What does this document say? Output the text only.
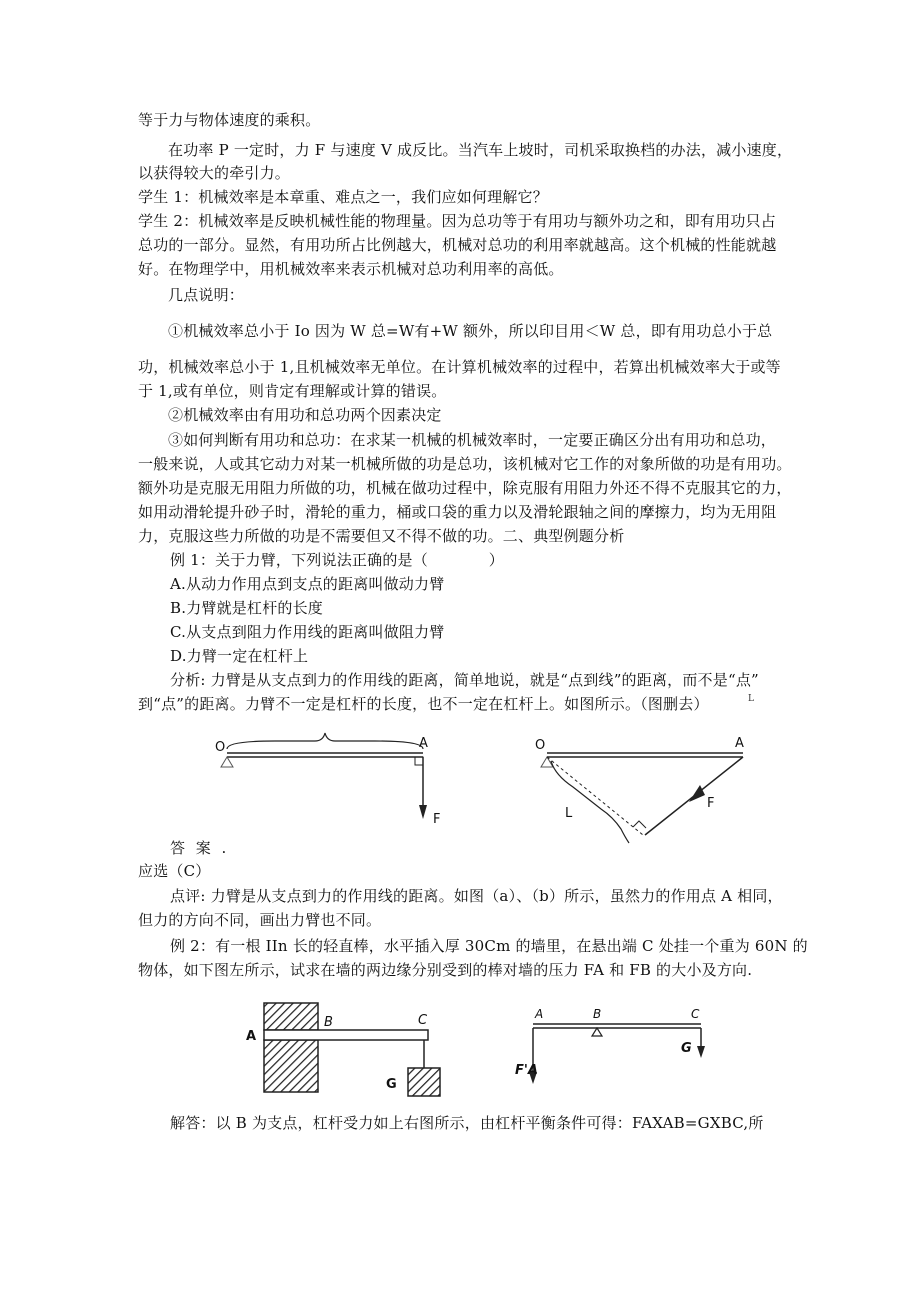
等于力与物体速度的乘积。
在功率 P 一定时，力 F 与速度 V 成反比。当汽车上坡时，司机采取换档的办法，减小速度，
以获得较大的牵引力。
学生 1：机械效率是本章重、难点之一，我们应如何理解它？
学生 2：机械效率是反映机械性能的物理量。因为总功等于有用功与额外功之和，即有用功只占
总功的一部分。显然，有用功所占比例越大，机械对总功的利用率就越高。这个机械的性能就越
好。在物理学中，用机械效率来表示机械对总功利用率的高低。
几点说明：
①机械效率总小于 Io 因为 W 总=W有+W 额外，所以印目用＜W 总，即有用功总小于总
功，机械效率总小于 1,且机械效率无单位。在计算机械效率的过程中，若算出机械效率大于或等
于 1,或有单位，则肯定有理解或计算的错误。
②机械效率由有用功和总功两个因素决定
③如何判断有用功和总功：在求某一机械的机械效率时，一定要正确区分出有用功和总功，
一般来说，人或其它动力对某一机械所做的功是总功，该机械对它工作的对象所做的功是有用功。
额外功是克服无用阻力所做的功，机械在做功过程中，除克服有用阻力外还不得不克服其它的力，
如用动滑轮提升砂子时，滑轮的重力，桶或口袋的重力以及滑轮跟轴之间的摩擦力，均为无用阻
力，克服这些力所做的功是不需要但又不得不做的功。二、典型例题分析
例 1：关于力臂，下列说法正确的是（　　　　）
A.从动力作用点到支点的距离叫做动力臂
B.力臂就是杠杆的长度
C.从支点到阻力作用线的距离叫做阻力臂
D.力臂一定在杠杆上
分析: 力臂是从支点到力的作用线的距离，简单地说，就是“点到线”的距离，而不是“点”
到“点”的距离。力臂不一定是杠杆的长度，也不一定在杠杆上。如图所示。（图删去）	L
O	A
F
O	A
F
L
答 案 .
应选（C）
点评: 力臂是从支点到力的作用线的距离。如图（a）、（b）所示，虽然力的作用点 A 相同，
但力的方向不同，画出力臂也不同。
例 2：有一根 IIn 长的轻直棒，水平插入厚 30Cm 的墙里，在悬出端 C 处挂一个重为 60N 的
物体，如下图左所示，试求在墙的两边缘分别受到的棒对墙的压力 FA 和 FB 的大小及方向.
A
B	C
G
A	B	C
G
F'A
解答：以 B 为支点，杠杆受力如上右图所示，由杠杆平衡条件可得：FAXAB=GXBC,所
